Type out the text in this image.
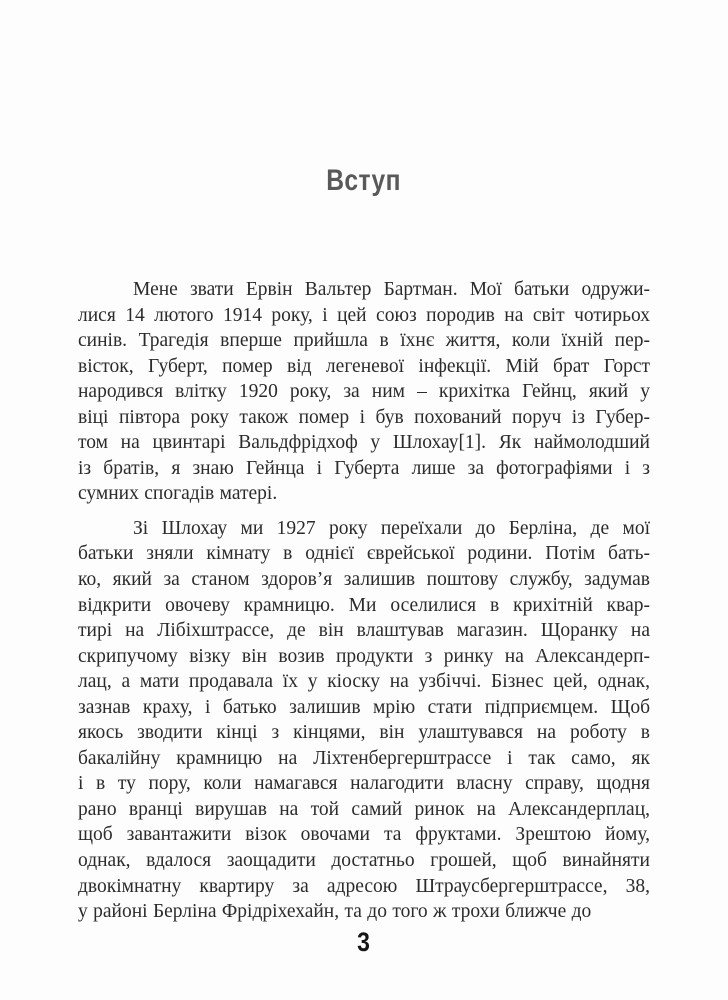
Вступ
Мене звати Ервін Вальтер Бартман. Мої батьки одружи-
лися 14 лютого 1914 року, і цей союз породив на світ чотирьох
синів. Трагедія вперше прийшла в їхнє життя, коли їхній пер-
вісток, Губерт, помер від легеневої інфекції. Мій брат Горст
народився влітку 1920 року, за ним – крихітка Гейнц, який у
віці півтора року також помер і був похований поруч із Губер-
том на цвинтарі Вальдфрідхоф у Шлохау[1]. Як наймолодший
із братів, я знаю Гейнца і Губерта лише за фотографіями і з
сумних спогадів матері.
Зі Шлохау ми 1927 року переїхали до Берліна, де мої
батьки зняли кімнату в однієї єврейської родини. Потім бать-
ко, який за станом здоров’я залишив поштову службу, задумав
відкрити овочеву крамницю. Ми оселилися в крихітній квар-
тирі на Лібіхштрассе, де він влаштував магазин. Щоранку на
скрипучому візку він возив продукти з ринку на Александерп-
лац, а мати продавала їх у кіоску на узбіччі. Бізнес цей, однак,
зазнав краху, і батько залишив мрію стати підприємцем. Щоб
якось зводити кінці з кінцями, він улаштувався на роботу в
бакалійну крамницю на Ліхтенбергерштрассе і так само, як
і в ту пору, коли намагався налагодити власну справу, щодня
рано вранці вирушав на той самий ринок на Александерплац,
щоб завантажити візок овочами та фруктами. Зрештою йому,
однак, вдалося заощадити достатньо грошей, щоб винайняти
двокімнатну квартиру за адресою Штраусбергерштрассе, 38,
у районі Берліна Фрідріхехайн, та до того ж трохи ближче до
3
